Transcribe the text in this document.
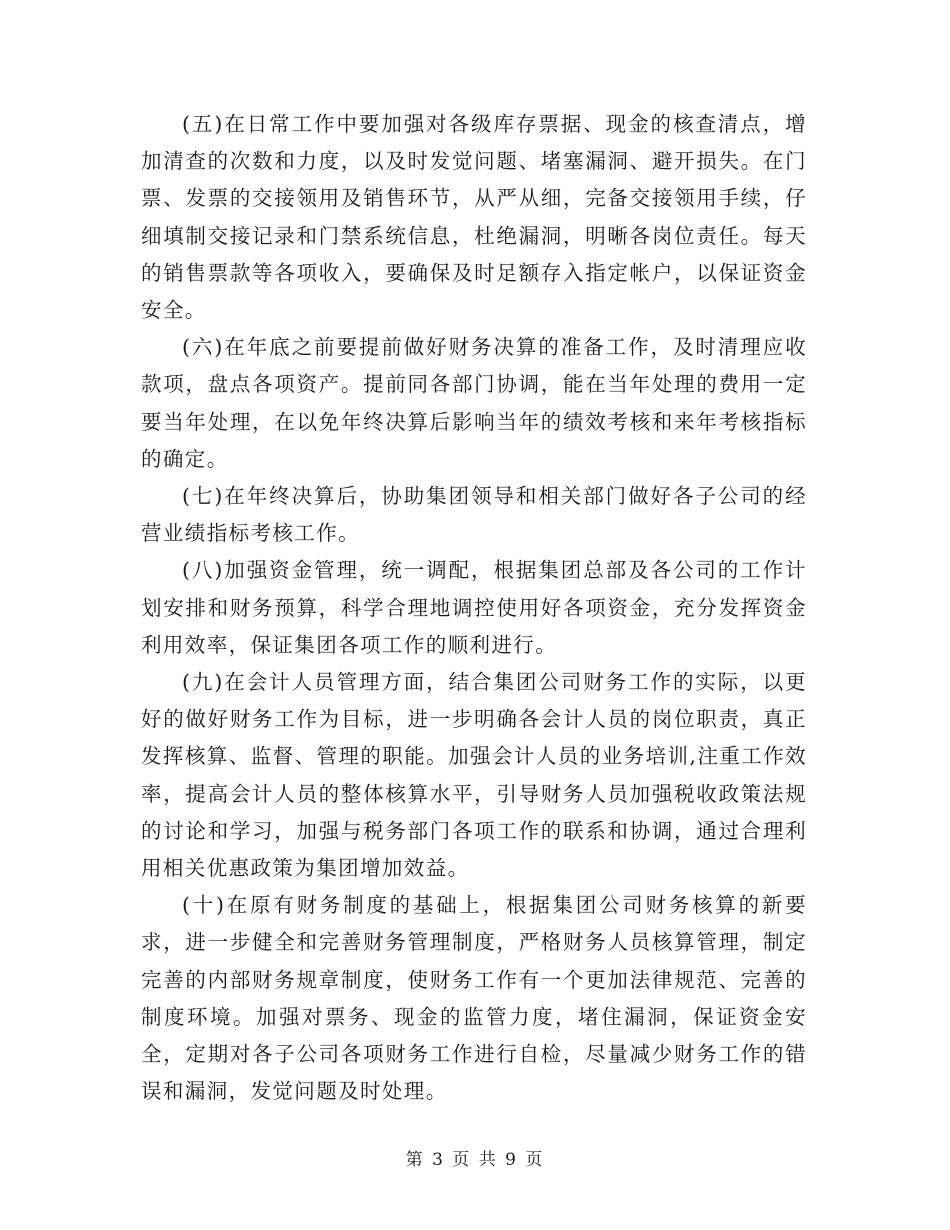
(五)在日常工作中要加强对各级库存票据、现金的核查清点，增加清查的次数和力度，以及时发觉问题、堵塞漏洞、避开损失。在门票、发票的交接领用及销售环节，从严从细，完备交接领用手续，仔细填制交接记录和门禁系统信息，杜绝漏洞，明晰各岗位责任。每天的销售票款等各项收入，要确保及时足额存入指定帐户，以保证资金安全。

(六)在年底之前要提前做好财务决算的准备工作，及时清理应收款项，盘点各项资产。提前同各部门协调，能在当年处理的费用一定要当年处理，在以免年终决算后影响当年的绩效考核和来年考核指标的确定。

(七)在年终决算后，协助集团领导和相关部门做好各子公司的经营业绩指标考核工作。

(八)加强资金管理，统一调配，根据集团总部及各公司的工作计划安排和财务预算，科学合理地调控使用好各项资金，充分发挥资金利用效率，保证集团各项工作的顺利进行。

(九)在会计人员管理方面，结合集团公司财务工作的实际，以更好的做好财务工作为目标，进一步明确各会计人员的岗位职责，真正发挥核算、监督、管理的职能。加强会计人员的业务培训,注重工作效率，提高会计人员的整体核算水平，引导财务人员加强税收政策法规的讨论和学习，加强与税务部门各项工作的联系和协调，通过合理利用相关优惠政策为集团增加效益。

(十)在原有财务制度的基础上，根据集团公司财务核算的新要求，进一步健全和完善财务管理制度，严格财务人员核算管理，制定完善的内部财务规章制度，使财务工作有一个更加法律规范、完善的制度环境。加强对票务、现金的监管力度，堵住漏洞，保证资金安全，定期对各子公司各项财务工作进行自检，尽量减少财务工作的错误和漏洞，发觉问题及时处理。

第 3 页 共 9 页
